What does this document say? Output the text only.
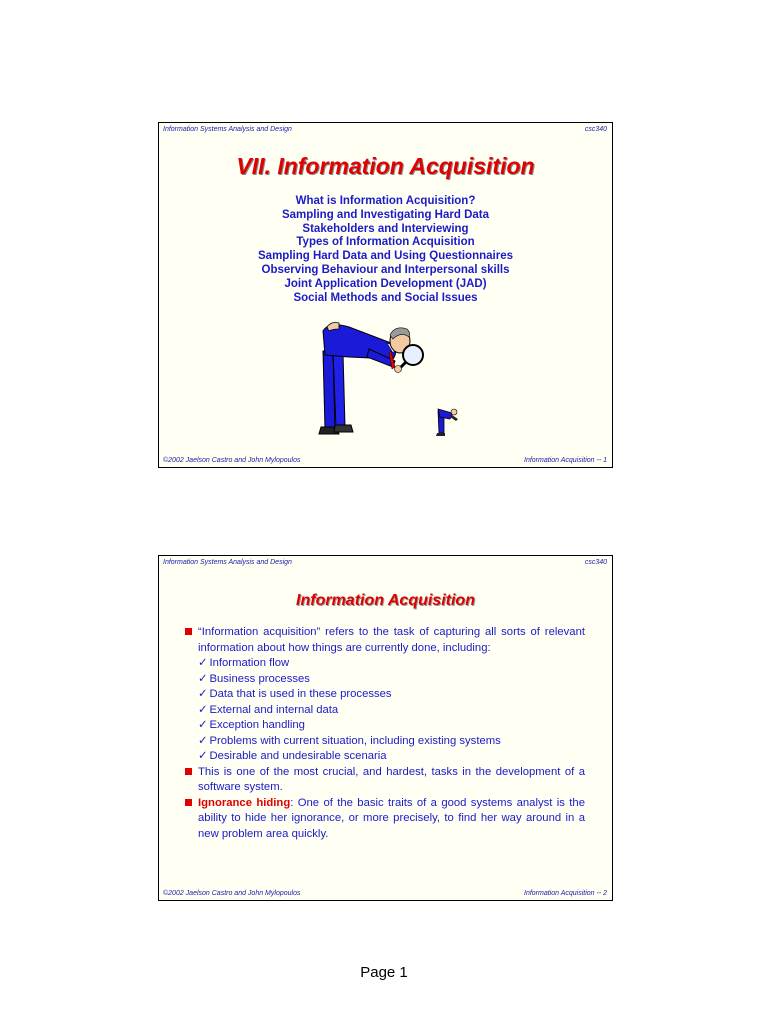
Information Systems Analysis and Design	csc340
VII. Information Acquisition
What is Information Acquisition?
Sampling and Investigating Hard Data
Stakeholders and Interviewing
Types of Information Acquisition
Sampling Hard Data and Using Questionnaires
Observing Behaviour and Interpersonal skills
Joint Application Development (JAD)
Social Methods and Social Issues
©2002 Jaelson Castro and John Mylopoulos	Information Acquisition -- 1
Information Systems Analysis and Design	csc340
Information Acquisition
“Information acquisition” refers to the task of capturing all sorts of relevant information about how things are currently done, including:
✓ Information flow
✓ Business processes
✓ Data that is used in these processes
✓ External and internal data
✓ Exception handling
✓ Problems with current situation, including existing systems
✓ Desirable and undesirable scenaria
This is one of the most crucial, and hardest, tasks in the development of a software system.
Ignorance hiding: One of the basic traits of a good systems analyst is the ability to hide her ignorance, or more precisely, to find her way around in a new problem area quickly.
©2002 Jaelson Castro and John Mylopoulos	Information Acquisition -- 2
Page 1
